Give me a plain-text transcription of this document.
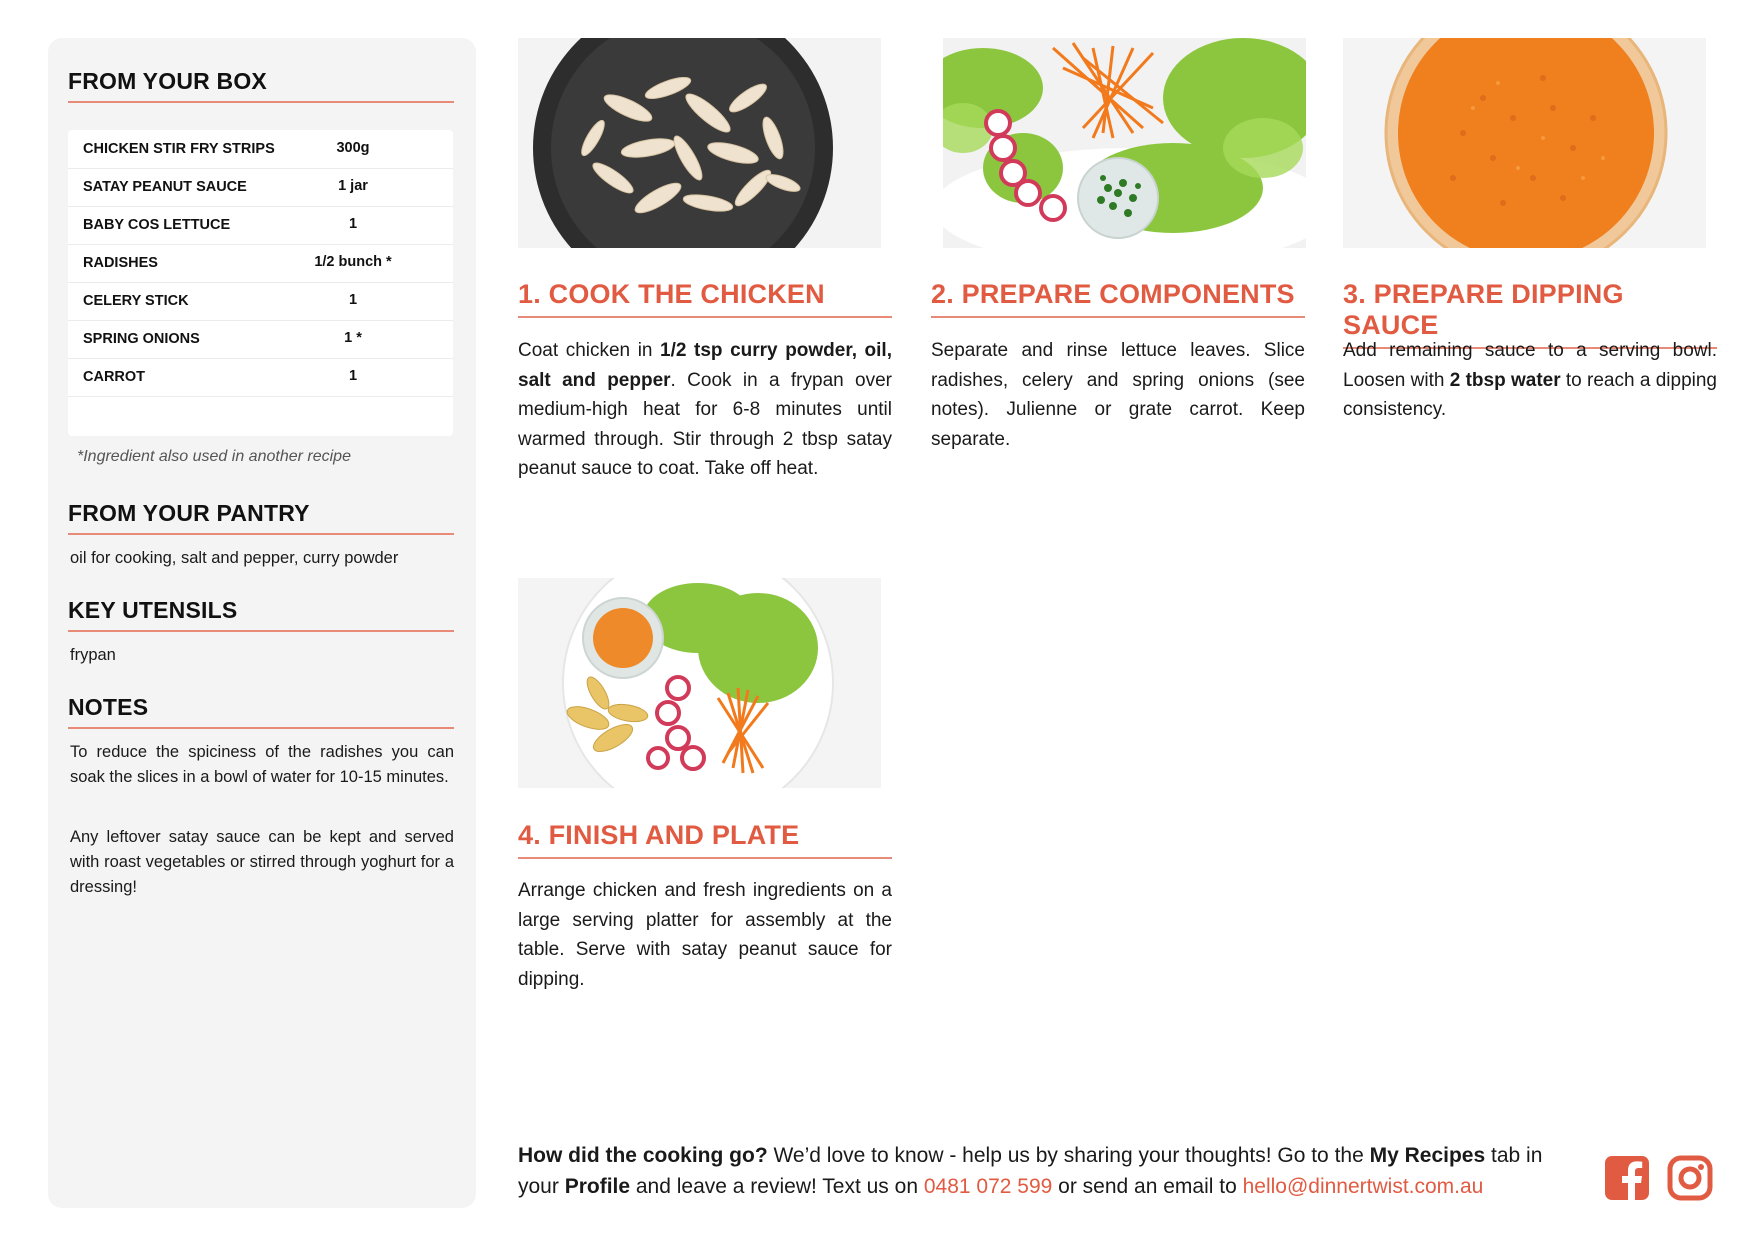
FROM YOUR BOX
CHICKEN STIR FRY STRIPS	300g
SATAY PEANUT SAUCE	1 jar
BABY COS LETTUCE	1
RADISHES	1/2 bunch *
CELERY STICK	1
SPRING ONIONS	1 *
CARROT	1
*Ingredient also used in another recipe
FROM YOUR PANTRY
oil for cooking, salt and pepper, curry powder
KEY UTENSILS
frypan
NOTES
To reduce the spiciness of the radishes you can soak the slices in a bowl of water for 10-15 minutes.
Any leftover satay sauce can be kept and served with roast vegetables or stirred through yoghurt for a dressing!
1. COOK THE CHICKEN
Coat chicken in 1/2 tsp curry powder, oil, salt and pepper. Cook in a frypan over medium-high heat for 6-8 minutes until warmed through. Stir through 2 tbsp satay peanut sauce to coat. Take off heat.
2. PREPARE COMPONENTS
Separate and rinse lettuce leaves. Slice radishes, celery and spring onions (see notes). Julienne or grate carrot. Keep separate.
3. PREPARE DIPPING SAUCE
Add remaining sauce to a serving bowl. Loosen with 2 tbsp water to reach a dipping consistency.
4. FINISH AND PLATE
Arrange chicken and fresh ingredients on a large serving platter for assembly at the table. Serve with satay peanut sauce for dipping.
How did the cooking go? We’d love to know - help us by sharing your thoughts! Go to the My Recipes tab in your Profile and leave a review! Text us on 0481 072 599 or send an email to hello@dinnertwist.com.au
